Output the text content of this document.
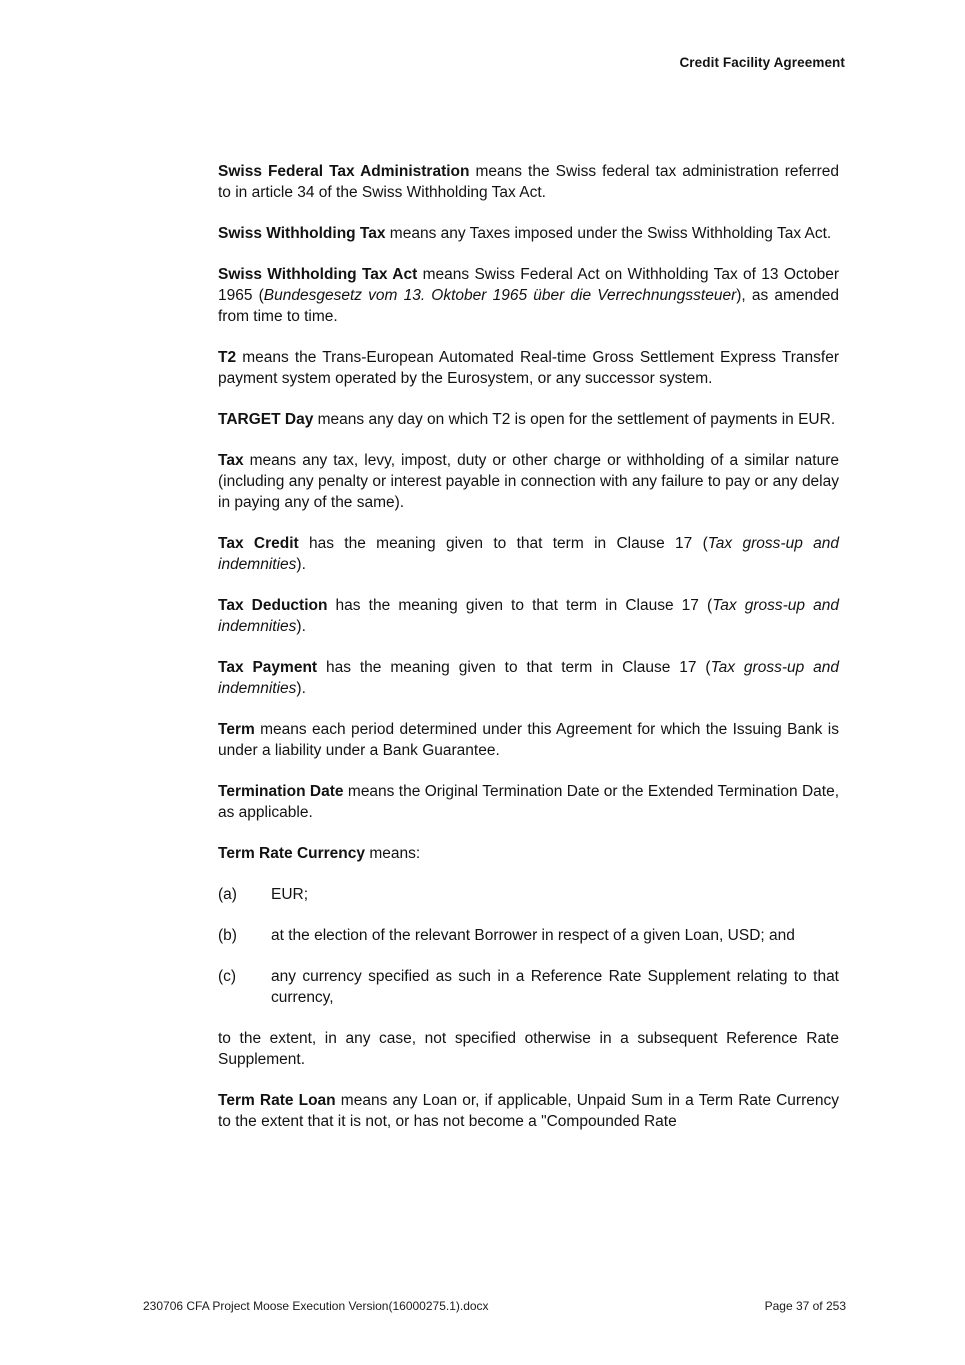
Credit Facility Agreement
Swiss Federal Tax Administration means the Swiss federal tax administration referred to in article 34 of the Swiss Withholding Tax Act.
Swiss Withholding Tax means any Taxes imposed under the Swiss Withholding Tax Act.
Swiss Withholding Tax Act means Swiss Federal Act on Withholding Tax of 13 October 1965 (Bundesgesetz vom 13. Oktober 1965 über die Verrechnungssteuer), as amended from time to time.
T2 means the Trans-European Automated Real-time Gross Settlement Express Transfer payment system operated by the Eurosystem, or any successor system.
TARGET Day means any day on which T2 is open for the settlement of payments in EUR.
Tax means any tax, levy, impost, duty or other charge or withholding of a similar nature (including any penalty or interest payable in connection with any failure to pay or any delay in paying any of the same).
Tax Credit has the meaning given to that term in Clause 17 (Tax gross-up and indemnities).
Tax Deduction has the meaning given to that term in Clause 17 (Tax gross-up and indemnities).
Tax Payment has the meaning given to that term in Clause 17 (Tax gross-up and indemnities).
Term means each period determined under this Agreement for which the Issuing Bank is under a liability under a Bank Guarantee.
Termination Date means the Original Termination Date or the Extended Termination Date, as applicable.
Term Rate Currency means:
(a)	EUR;
(b)	at the election of the relevant Borrower in respect of a given Loan, USD; and
(c)	any currency specified as such in a Reference Rate Supplement relating to that currency,
to the extent, in any case, not specified otherwise in a subsequent Reference Rate Supplement.
Term Rate Loan means any Loan or, if applicable, Unpaid Sum in a Term Rate Currency to the extent that it is not, or has not become a "Compounded Rate
230706 CFA Project Moose Execution Version(16000275.1).docx	Page 37 of 253
